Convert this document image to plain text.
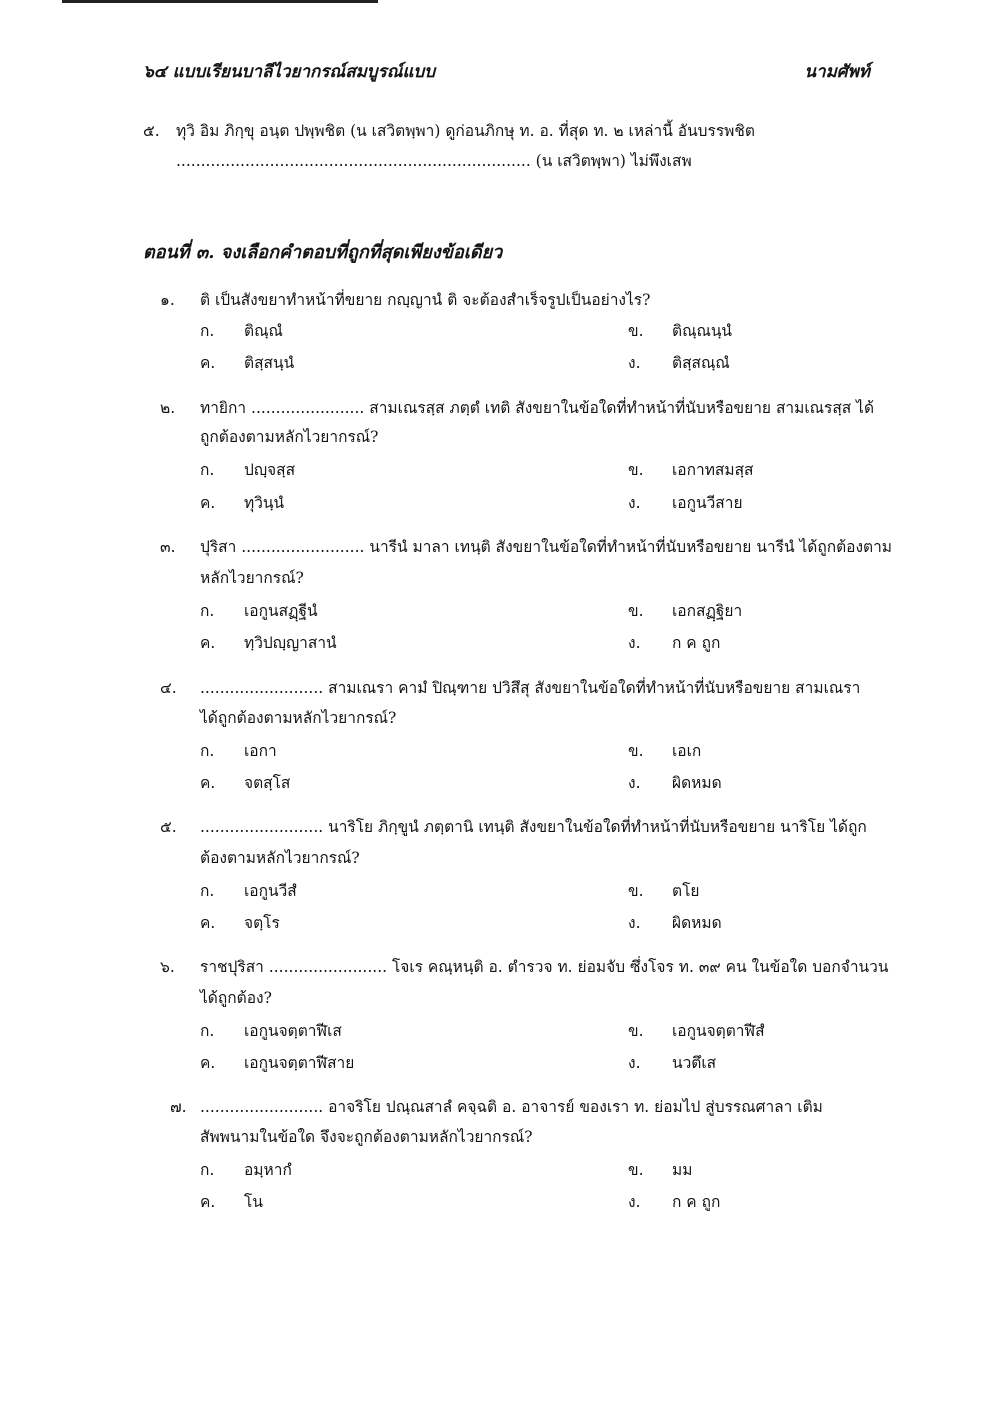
๖๔ แบบเรียนบาลีไวยากรณ์สมบูรณ์แบบ	นามศัพท์
๕. ทุวิ อิม ภิกฺขุ อนฺต ปพฺพชิต (น เสวิตพฺพา) ดูก่อนภิกษุ ท. อ. ที่สุด ท. ๒ เหล่านี้ อันบรรพชิต
........................................................................ (น เสวิตพฺพา) ไม่พึงเสพ
ตอนที่ ๓. จงเลือกคำตอบที่ถูกที่สุดเพียงข้อเดียว
๑. ติ เป็นสังขยาทำหน้าที่ขยาย กญฺญานํ ติ จะต้องสำเร็จรูปเป็นอย่างไร?
ก. ติณฺณํ	ข. ติณฺณนฺนํ
ค. ติสฺสนฺนํ	ง. ติสฺสณฺณํ
๒. ทายิกา ....................... สามเณรสฺส ภตฺตํ เทติ สังขยาในข้อใดที่ทำหน้าที่นับหรือขยาย สามเณรสฺส ได้
ถูกต้องตามหลักไวยากรณ์?
ก. ปญฺจสฺส	ข. เอกาทสมสฺส
ค. ทุวินฺนํ	ง. เอกูนวีสาย
๓. ปุริสา ......................... นารีนํ มาลา เทนฺติ สังขยาในข้อใดที่ทำหน้าที่นับหรือขยาย นารีนํ ได้ถูกต้องตาม
หลักไวยากรณ์?
ก. เอกูนสฏฺฐีนํ	ข. เอกสฏฺฐิยา
ค. ทฺวิปญฺญาสานํ	ง. ก ค ถูก
๔. ......................... สามเณรา คามํ ปิณฺฑาย ปวิสึสุ สังขยาในข้อใดที่ทำหน้าที่นับหรือขยาย สามเณรา
ได้ถูกต้องตามหลักไวยากรณ์?
ก. เอกา	ข. เอเก
ค. จตสฺโส	ง. ผิดหมด
๕. ......................... นาริโย ภิกฺขูนํ ภตฺตานิ เทนฺติ สังขยาในข้อใดที่ทำหน้าที่นับหรือขยาย นาริโย ได้ถูก
ต้องตามหลักไวยากรณ์?
ก. เอกูนวีสํ	ข. ตโย
ค. จตฺโร	ง. ผิดหมด
๖. ราชปุริสา ........................ โจเร คณฺหนฺติ อ. ตำรวจ ท. ย่อมจับ ซึ่งโจร ท. ๓๙ คน ในข้อใด บอกจำนวน
ได้ถูกต้อง?
ก. เอกูนจตฺตาฬีเส	ข. เอกูนจตฺตาฬีสํ
ค. เอกูนจตฺตาฬีสาย	ง. นวตึเส
๗. ......................... อาจริโย ปณฺณสาลํ คจฺฉติ อ. อาจารย์ ของเรา ท. ย่อมไป สู่บรรณศาลา เติม
สัพพนามในข้อใด จึงจะถูกต้องตามหลักไวยากรณ์?
ก. อมฺหากํ	ข. มม
ค. โน	ง. ก ค ถูก
